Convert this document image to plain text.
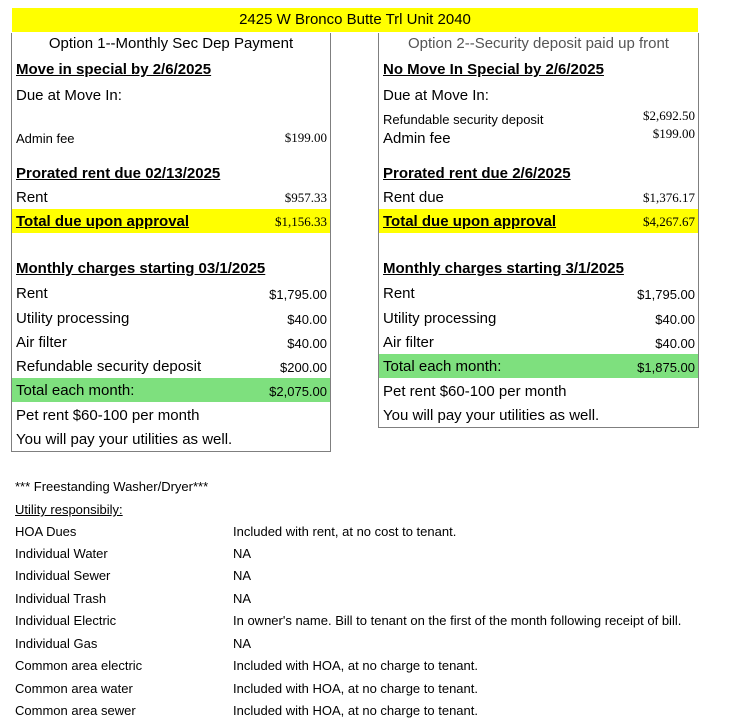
2425 W Bronco Butte Trl Unit 2040
Option 1--Monthly Sec Dep Payment
Move in special by 2/6/2025
Due at Move In:
Admin fee	$199.00
Prorated rent due 02/13/2025
Rent	$957.33
Total due upon approval	$1,156.33
Monthly charges starting 03/1/2025
Rent	$1,795.00
Utility processing	$40.00
Air filter	$40.00
Refundable security deposit	$200.00
Total each month:	$2,075.00
Pet rent $60-100 per month
You will pay your utilities as well.
Option 2--Security deposit paid up front
No Move In Special by 2/6/2025
Due at Move In:
Refundable security deposit	$2,692.50
Admin fee	$199.00
Prorated rent due 2/6/2025
Rent due	$1,376.17
Total due upon approval	$4,267.67
Monthly charges starting 3/1/2025
Rent	$1,795.00
Utility processing	$40.00
Air filter	$40.00
Total each month:	$1,875.00
Pet rent $60-100 per month
You will pay your utilities as well.
*** Freestanding Washer/Dryer***
Utility responsibily:
HOA Dues	Included with rent, at no cost to tenant.
Individual Water	NA
Individual Sewer	NA
Individual Trash	NA
Individual Electric	In owner's name. Bill to tenant on the first of the month following receipt of bill.
Individual Gas	NA
Common area electric	Included with HOA, at no charge to tenant.
Common area water	Included with HOA, at no charge to tenant.
Common area sewer	Included with HOA, at no charge to tenant.
